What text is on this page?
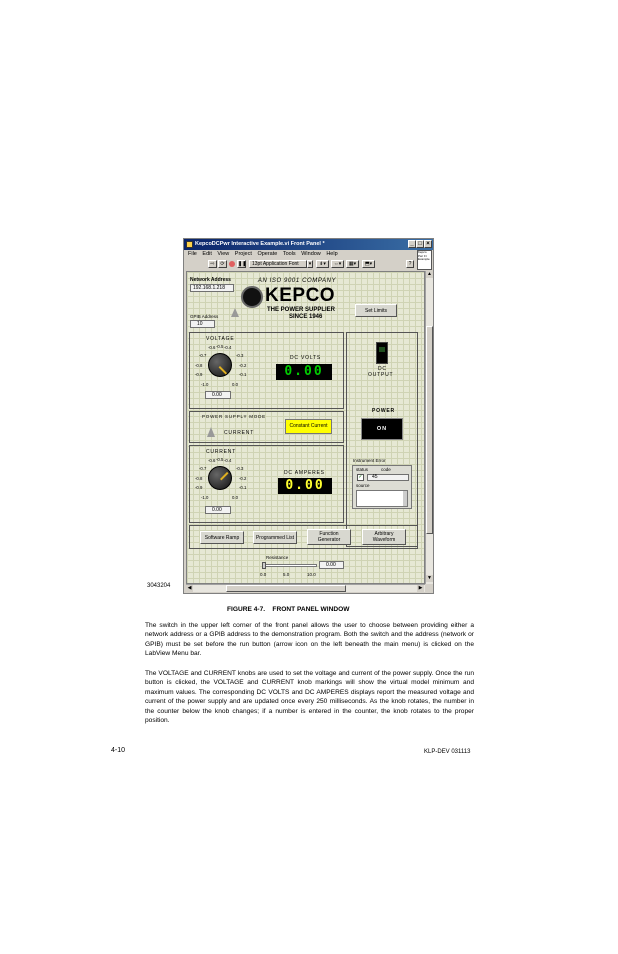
KepcoDCPwr Interactive Example.vi Front Panel *	_ □ ×
File Edit View Project Operate Tools Window Help	Kepco Pwr Fr Example
⇨	⟳	❚❚	13pt Application Font	▾	⇟▾	⇔▾	▦▾	⬒▾	?
▲
▼
◀	▶
Network Address
192.168.1.218
GPIB Address
10
AN ISO 9001 COMPANY
KEPCO
THE POWER SUPPLIER
SINCE 1946
Set Limits
VOLTAGE
-0.6 -0.5 -0.4
-0.7	-0.3
-0.8	-0.2
-0.9	-0.1
-1.0	0.0
0.00
DC VOLTS
0.00	DC
OUTPUT
POWER
ON
Instrument Error
status	code
✓	45
source
POWER SUPPLY MODE
CURRENT
Constant Current
CURRENT
-0.6 -0.5 -0.4
-0.7	-0.3
-0.8	-0.2
-0.9	-0.1
-1.0	0.0
0.00
DC AMPERES
0.00
Software Ramp	Programmed List
Function Generator
Arbitrary Waveform
Resistance
0.0	5.0	10.0
0.00
3043204
FIGURE 4-7.    FRONT PANEL WINDOW

The switch in the upper left corner of the front panel allows the user to choose between providing either a network address or a GPIB address to the demonstration program. Both the switch and the address (network or GPIB) must be set before the run button (arrow icon on the left beneath the main menu) is clicked on the LabView Menu bar.

The VOLTAGE and CURRENT knobs are used to set the voltage and current of the power supply. Once the run button is clicked, the VOLTAGE and CURRENT knob markings will show the virtual model minimum and maximum values. The corresponding DC VOLTS and DC AMPERES displays report the measured voltage and current of the power supply and are updated once every 250 milliseconds. As the knob rotates, the number in the counter below the knob changes; if a number is entered in the counter, the knob rotates to the proper position.

4-10	KLP-DEV 031113
